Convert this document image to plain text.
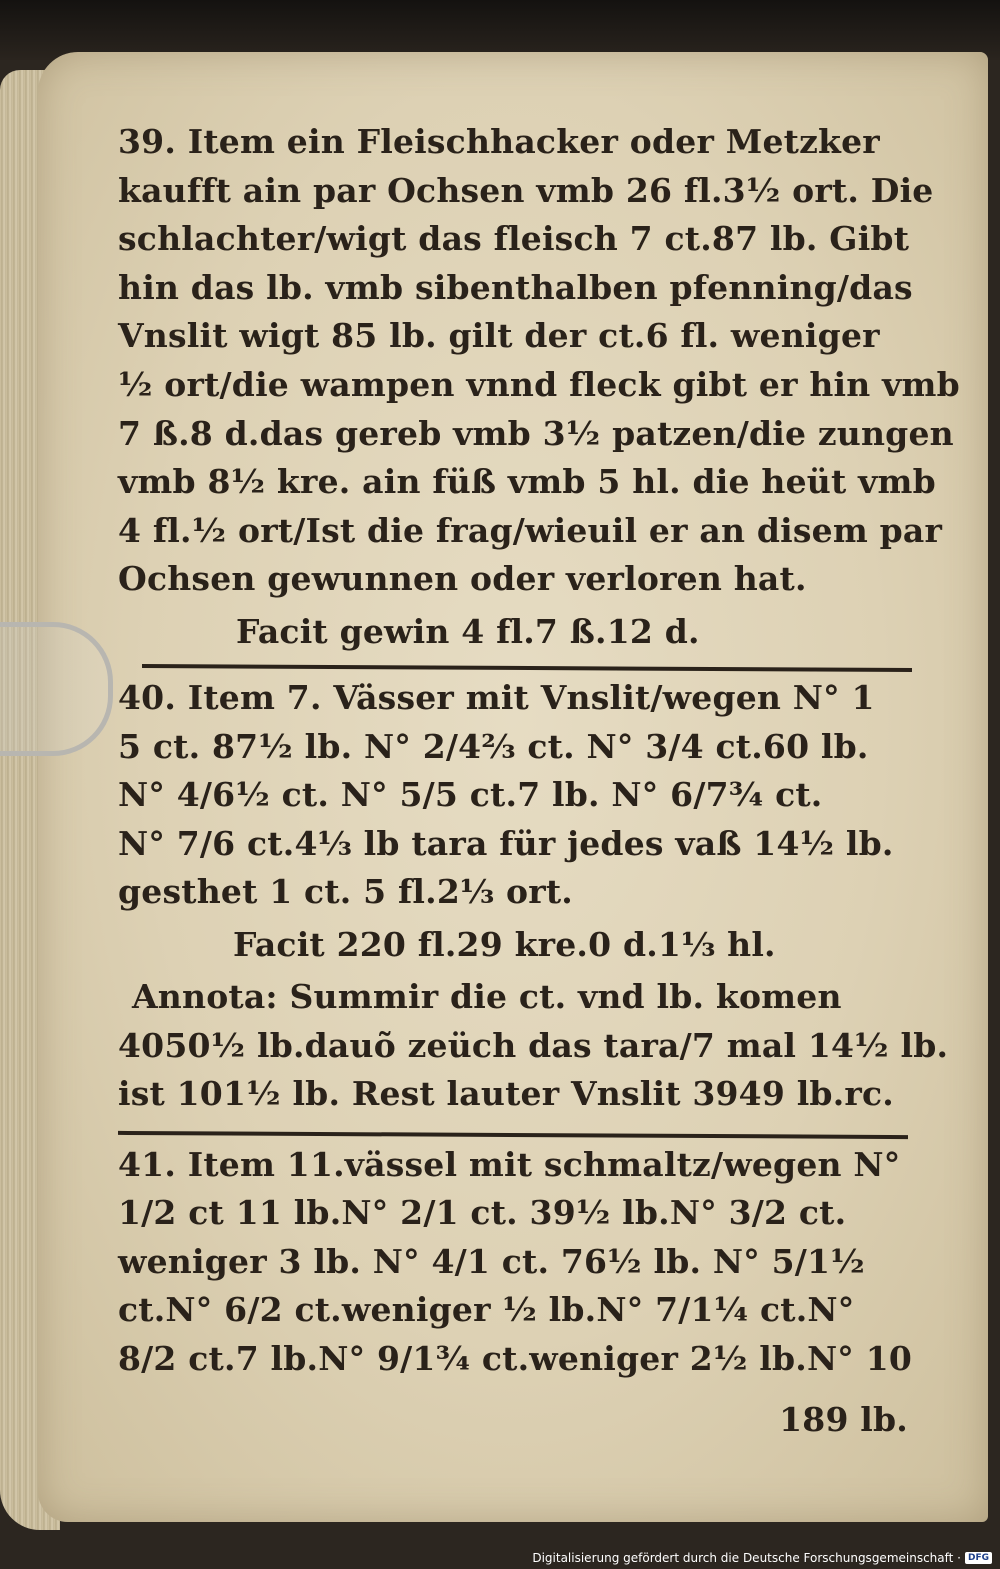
39. Item ein Fleischhacker oder Metzker
kaufft ain par Ochsen vmb 26 fl.3½ ort. Die
schlachter/wigt das fleisch 7 ct.87 lb. Gibt
hin das lb. vmb sibenthalben pfenning/das
Vnslit wigt 85 lb. gilt der ct.6 fl. weniger
½ ort/die wampen vnnd fleck gibt er hin vmb
7 ß.8 d.das gereb vmb 3½ patzen/die zungen
vmb 8½ kre. ain füß vmb 5 hl. die heüt vmb
4 fl.½ ort/Ist die frag/wieuil er an disem par
Ochsen gewunnen oder verloren hat.
Facit gewin 4 fl.7 ß.12 d.
40. Item 7. Vässer mit Vnslit/wegen N° 1
5 ct. 87½ lb. N° 2/4⅔ ct. N° 3/4 ct.60 lb.
N° 4/6½ ct. N° 5/5 ct.7 lb. N° 6/7¾ ct.
N° 7/6 ct.4⅓ lb tara für jedes vaß 14½ lb.
gesthet 1 ct. 5 fl.2⅓ ort.
Facit 220 fl.29 kre.0 d.1⅓ hl.
Annota: Summir die ct. vnd lb. komen
4050½ lb.dauõ zeüch das tara/7 mal 14½ lb.
ist 101½ lb. Rest lauter Vnslit 3949 lb.rc.
41. Item 11.vässel mit schmaltz/wegen N°
1/2 ct 11 lb.N° 2/1 ct. 39½ lb.N° 3/2 ct.
weniger 3 lb. N° 4/1 ct. 76½ lb. N° 5/1½
ct.N° 6/2 ct.weniger ½ lb.N° 7/1¼ ct.N°
8/2 ct.7 lb.N° 9/1¾ ct.weniger 2½ lb.N° 10
189 lb.
Digitalisierung gefördert durch die Deutsche Forschungsgemeinschaft · DFG
